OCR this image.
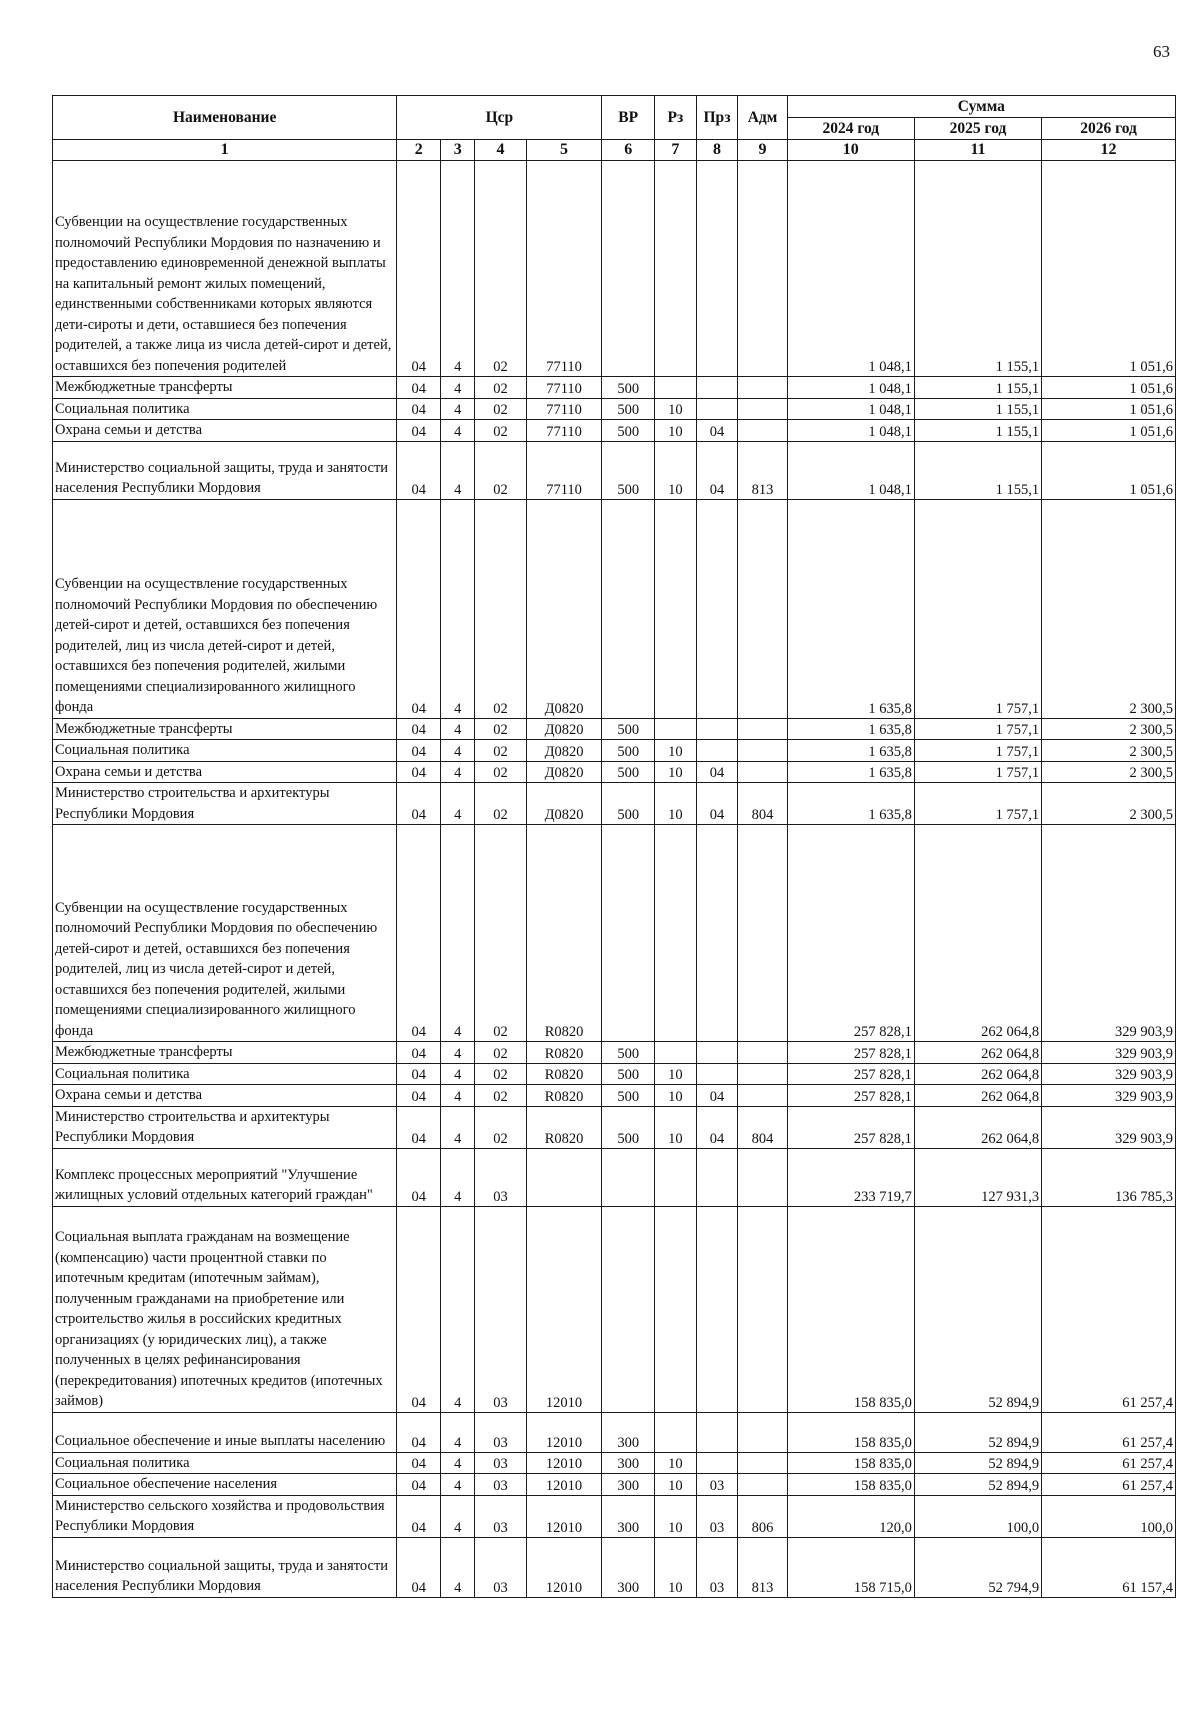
63
Наименование	Цср				ВР	Рз	Прз	Адм	Сумма		
									2024 год	2025 год	2026 год
1	2	3	4	5	6	7	8	9	10	11	12
Субвенции на осуществление государственных полномочий Республики Мордовия по назначению и предоставлению единовременной денежной выплаты на капитальный ремонт жилых помещений, единственными собственниками которых являются дети-сироты и дети, оставшиеся без попечения родителей, а также лица из числа детей-сирот и детей, оставшихся без попечения родителей	04	4	02	77110					1 048,1	1 155,1	1 051,6
Межбюджетные трансферты	04	4	02	77110	500				1 048,1	1 155,1	1 051,6
Социальная политика	04	4	02	77110	500	10			1 048,1	1 155,1	1 051,6
Охрана семьи и детства	04	4	02	77110	500	10	04		1 048,1	1 155,1	1 051,6
Министерство социальной защиты, труда и занятости населения Республики Мордовия	04	4	02	77110	500	10	04	813	1 048,1	1 155,1	1 051,6
Субвенции на осуществление государственных полномочий Республики Мордовия по обеспечению детей-сирот и детей, оставшихся без попечения родителей, лиц из числа детей-сирот и детей, оставшихся без попечения родителей, жилыми помещениями специализированного жилищного фонда	04	4	02	Д0820					1 635,8	1 757,1	2 300,5
Межбюджетные трансферты	04	4	02	Д0820	500				1 635,8	1 757,1	2 300,5
Социальная политика	04	4	02	Д0820	500	10			1 635,8	1 757,1	2 300,5
Охрана семьи и детства	04	4	02	Д0820	500	10	04		1 635,8	1 757,1	2 300,5
Министерство строительства и архитектуры Республики Мордовия	04	4	02	Д0820	500	10	04	804	1 635,8	1 757,1	2 300,5
Субвенции на осуществление государственных полномочий Республики Мордовия по обеспечению детей-сирот и детей, оставшихся без попечения родителей, лиц из числа детей-сирот и детей, оставшихся без попечения родителей, жилыми помещениями специализированного жилищного фонда	04	4	02	R0820					257 828,1	262 064,8	329 903,9
Межбюджетные трансферты	04	4	02	R0820	500				257 828,1	262 064,8	329 903,9
Социальная политика	04	4	02	R0820	500	10			257 828,1	262 064,8	329 903,9
Охрана семьи и детства	04	4	02	R0820	500	10	04		257 828,1	262 064,8	329 903,9
Министерство строительства и архитектуры Республики Мордовия	04	4	02	R0820	500	10	04	804	257 828,1	262 064,8	329 903,9
Комплекс процессных мероприятий "Улучшение жилищных условий отдельных категорий граждан"	04	4	03						233 719,7	127 931,3	136 785,3
Социальная выплата гражданам на возмещение (компенсацию) части процентной ставки по ипотечным кредитам (ипотечным займам), полученным гражданами на приобретение или строительство жилья в российских кредитных организациях (у юридических лиц), а также полученных в целях рефинансирования (перекредитования) ипотечных кредитов (ипотечных займов)	04	4	03	12010					158 835,0	52 894,9	61 257,4
Социальное обеспечение и иные выплаты населению	04	4	03	12010	300				158 835,0	52 894,9	61 257,4
Социальная политика	04	4	03	12010	300	10			158 835,0	52 894,9	61 257,4
Социальное обеспечение населения	04	4	03	12010	300	10	03		158 835,0	52 894,9	61 257,4
Министерство сельского хозяйства и продовольствия Республики Мордовия	04	4	03	12010	300	10	03	806	120,0	100,0	100,0
Министерство социальной защиты, труда и занятости населения Республики Мордовия	04	4	03	12010	300	10	03	813	158 715,0	52 794,9	61 157,4
